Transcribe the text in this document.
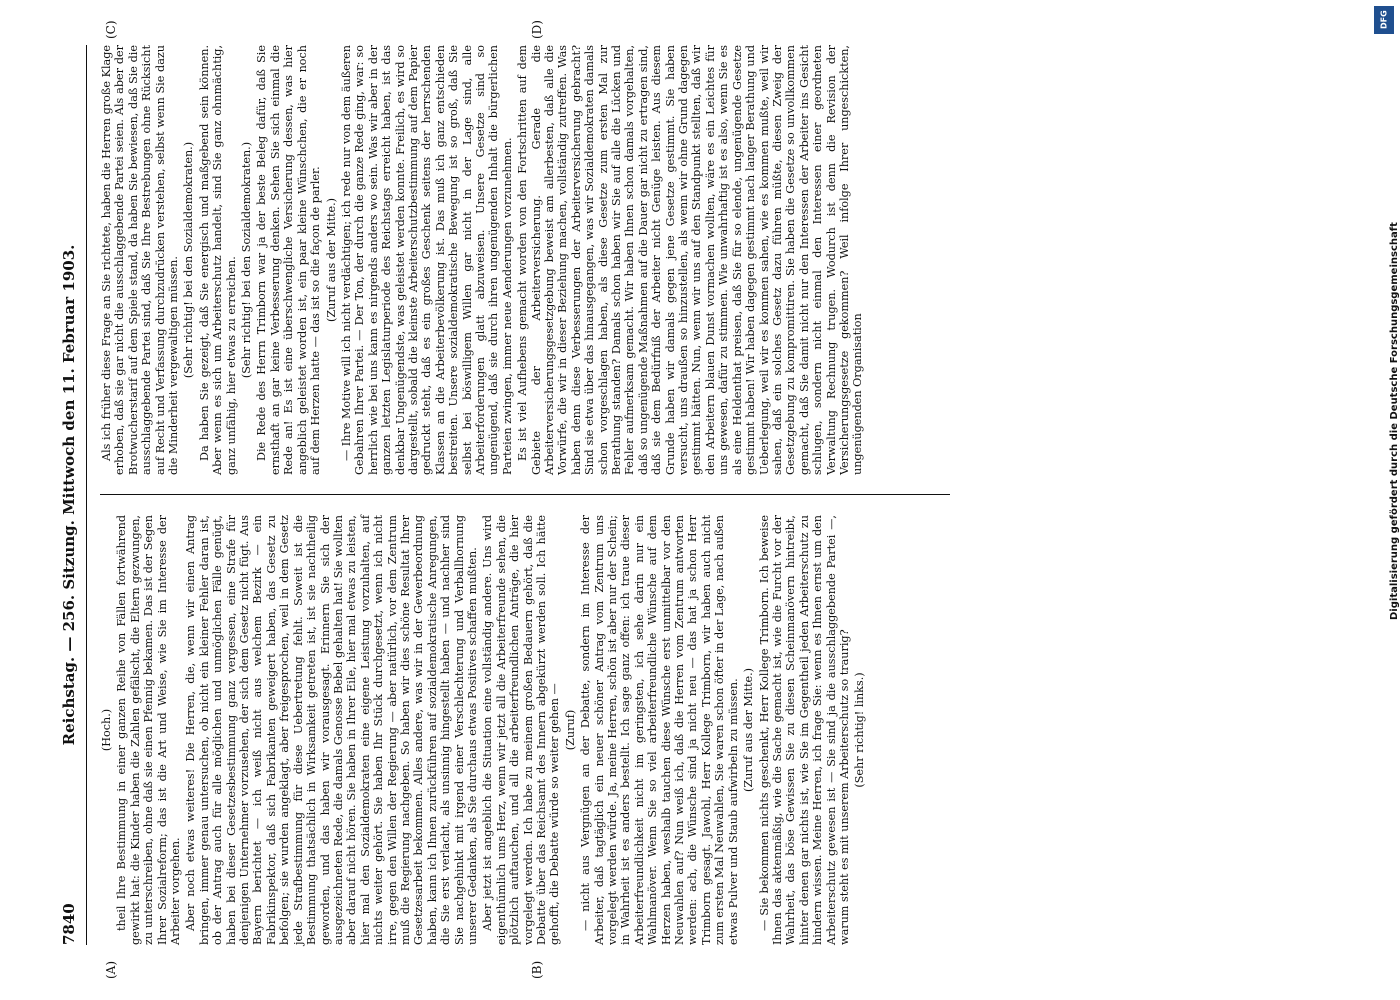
7840
Reichstag. — 256. Sitzung. Mittwoch den 11. Februar 1903.
(A)	(B)
(C)	(D)

(Hoch.) theil Ihre Bestimmung in einer ganzen Reihe von Fällen fortwährend gewirkt hat: die Kinder haben die Zahlen gefälscht, die Eltern gezwungen, zu unterschreiben, ohne daß sie einen Pfennig bekamen. Das ist der Segen Ihrer Sozialreform; das ist die Art und Weise, wie Sie im Interesse der Arbeiter vorgehen. Aber noch etwas weiteres! Die Herren, die, wenn wir einen Antrag bringen, immer genau untersuchen, ob nicht ein kleiner Fehler daran ist, ob der Antrag auch für alle möglichen und unmöglichen Fälle genügt, haben bei dieser Gesetzesbestimmung ganz vergessen, eine Strafe für denjenigen Unternehmer vorzusehen, der sich dem Gesetz nicht fügt. Aus Bayern berichtet — ich weiß nicht aus welchem Bezirk — ein Fabrikinspektor, daß sich Fabrikanten geweigert haben, das Gesetz zu befolgen; sie wurden angeklagt, aber freigesprochen, weil in dem Gesetz jede Strafbestimmung für diese Uebertretung fehlt. Soweit ist die Bestimmung thatsächlich in Wirksamkeit getreten ist, ist sie nachtheilig geworden, und das haben wir vorausgesagt. Erinnern Sie sich der ausgezeichneten Rede, die damals Genosse Bebel gehalten hat! Sie wollten aber darauf nicht hören. Sie haben in Ihrer Eile, hier mal etwas zu leisten, hier mal den Sozialdemokraten eine eigene Leistung vorzuhalten, auf nichts weiter gehört. Sie haben Ihr Stück durchgesetzt, wenn ich nicht irre, gegen den Willen der Regierung — aber natürlich, vor dem Zentrum muß die Regierung nachgeben. So haben wir dies schöne Resultat Ihrer Gesetzesarbeit bekommen. Alles andere, was wir in der Gewerbeordnung haben, kann ich Ihnen zurückführen auf sozialdemokratische Anregungen, die Sie erst verlacht, als unsinnig hingestellt haben — und nachher sind Sie nachgehinkt mit irgend einer Verschlechterung und Verballhornung unserer Gedanken, als Sie durchaus etwas Positives schaffen mußten. Aber jetzt ist angeblich die Situation eine vollständig andere. Uns wird eigenthümlich ums Herz, wenn wir jetzt all die Arbeiterfreunde sehen, die plötzlich auftauchen, und all die arbeiterfreundlichen Anträge, die hier vorgelegt werden. Ich habe zu meinem großen Bedauern gehört, daß die Debatte über das Reichsamt des Innern abgekürzt werden soll. Ich hätte gehofft, die Debatte würde so weiter gehen — (Zuruf) — nicht aus Vergnügen an der Debatte, sondern im Interesse der Arbeiter, daß tagtäglich ein neuer schöner Antrag vom Zentrum uns vorgelegt werden würde. Ja, meine Herren, schön ist aber nur der Schein; in Wahrheit ist es anders bestellt. Ich sage ganz offen: ich traue dieser Arbeiterfreundlichkeit nicht im geringsten, ich sehe darin nur ein Wahlmanöver. Wenn Sie so viel arbeiterfreundliche Wünsche auf dem Herzen haben, weshalb tauchen diese Wünsche erst unmittelbar vor den Neuwahlen auf? Nun weiß ich, daß die Herren vom Zentrum antworten werden: ach, die Wünsche sind ja nicht neu — das hat ja schon Herr Trimborn gesagt. Jawohl, Herr Kollege Trimborn, wir haben auch nicht zum ersten Mal Neuwahlen, Sie waren schon öfter in der Lage, nach außen etwas Pulver und Staub aufwirbeln zu müssen. (Zuruf aus der Mitte.) — Sie bekommen nichts geschenkt, Herr Kollege Trimborn. Ich beweise Ihnen das aktenmäßig, wie die Sache gemacht ist, wie die Furcht vor der Wahrheit, das böse Gewissen Sie zu diesen Scheinmanövern hintreibt, hinter denen gar nichts ist, wie Sie im Gegentheil jeden Arbeiterschutz zu hindern wissen. Meine Herren, ich frage Sie: wenn es Ihnen ernst um den Arbeiterschutz gewesen ist — Sie sind ja die ausschlaggebende Partei —, warum steht es mit unserem Arbeiterschutz so traurig? (Sehr richtig! links.)

Als ich früher diese Frage an Sie richtete, haben die Herren große Klage erhoben, daß sie gar nicht die ausschlaggebende Partei seien. Als aber der Brotwucherstarif auf dem Spiele stand, da haben Sie bewiesen, daß Sie die ausschlaggebende Partei sind, daß Sie Ihre Bestrebungen ohne Rücksicht auf Recht und Verfassung durchzudrücken verstehen, selbst wenn Sie dazu die Minderheit vergewaltigen müssen. (Sehr richtig! bei den Sozialdemokraten.) Da haben Sie gezeigt, daß Sie energisch und maßgebend sein können. Aber wenn es sich um Arbeiterschutz handelt, sind Sie ganz ohnmächtig, ganz unfähig, hier etwas zu erreichen. (Sehr richtig! bei den Sozialdemokraten.) Die Rede des Herrn Trimborn war ja der beste Beleg dafür, daß Sie ernsthaft an gar keine Verbesserung denken. Sehen Sie sich einmal die Rede an! Es ist eine überschwengliche Versicherung dessen, was hier angeblich geleistet worden ist, ein paar kleine Wünschchen, die er noch auf dem Herzen hatte — das ist so die façon de parler. (Zuruf aus der Mitte.) — Ihre Motive will ich nicht verdächtigen; ich rede nur von dem äußeren Gebahren Ihrer Partei. — Der Ton, der durch die ganze Rede ging, war: so herrlich wie bei uns kann es nirgends anders wo sein. Was wir aber in der ganzen letzten Legislaturperiode des Reichstags erreicht haben, ist das denkbar Ungenügendste, was geleistet werden konnte. Freilich, es wird so dargestellt, sobald die kleinste Arbeiterschutzbestimmung auf dem Papier gedruckt steht, daß es ein großes Geschenk seitens der herrschenden Klassen an die Arbeiterbevölkerung ist. Das muß ich ganz entschieden bestreiten. Unsere sozialdemokratische Bewegung ist so groß, daß Sie selbst bei böswilligem Willen gar nicht in der Lage sind, alle Arbeiterforderungen glatt abzuweisen. Unsere Gesetze sind so ungenügend, daß sie durch ihren ungenügenden Inhalt die bürgerlichen Parteien zwingen, immer neue Aenderungen vorzunehmen. Es ist viel Aufhebens gemacht worden von den Fortschritten auf dem Gebiete der Arbeiterversicherung. Gerade die Arbeiterversicherungsgesetzgebung beweist am allerbesten, daß alle die Vorwürfe, die wir in dieser Beziehung machen, vollständig zutreffen. Was haben denn diese Verbesserungen der Arbeiterversicherung gebracht? Sind sie etwa über das hinausgegangen, was wir Sozialdemokraten damals schon vorgeschlagen haben, als diese Gesetze zum ersten Mal zur Berathung standen? Damals schon haben wir Sie auf alle die Lücken und Fehler aufmerksam gemacht. Wir haben Ihnen schon damals vorgehalten, daß so ungenügende Maßnahmen auf die Dauer gar nicht zu ertragen sind, daß sie dem Bedürfniß der Arbeiter nicht Genüge leisten. Aus diesem Grunde haben wir damals gegen jene Gesetze gestimmt. Sie haben versucht, uns draußen so hinzustellen, als wenn wir ohne Grund dagegen gestimmt hätten. Nun, wenn wir uns auf den Standpunkt stellten, daß wir den Arbeitern blauen Dunst vormachen wollten, wäre es ein Leichtes für uns gewesen, dafür zu stimmen. Wie unwahrhaftig ist es also, wenn Sie es als eine Heldenthat preisen, daß Sie für so elende, ungenügende Gesetze gestimmt haben! Wir haben dagegen gestimmt nach langer Berathung und Ueberlegung, weil wir es kommen sahen, wie es kommen mußte, weil wir sahen, daß ein solches Gesetz dazu führen müßte, diesen Zweig der Gesetzgebung zu kompromittiren. Sie haben die Gesetze so unvollkommen gemacht, daß Sie damit nicht nur den Interessen der Arbeiter ins Gesicht schlugen, sondern nicht einmal den Interessen einer geordneten Verwaltung Rechnung trugen. Wodurch ist denn die Revision der Versicherungsgesetze gekommen? Weil infolge Ihrer ungeschickten, ungenügenden Organisation

DFG
Digitalisierung gefördert durch die Deutsche Forschungsgemeinschaft
